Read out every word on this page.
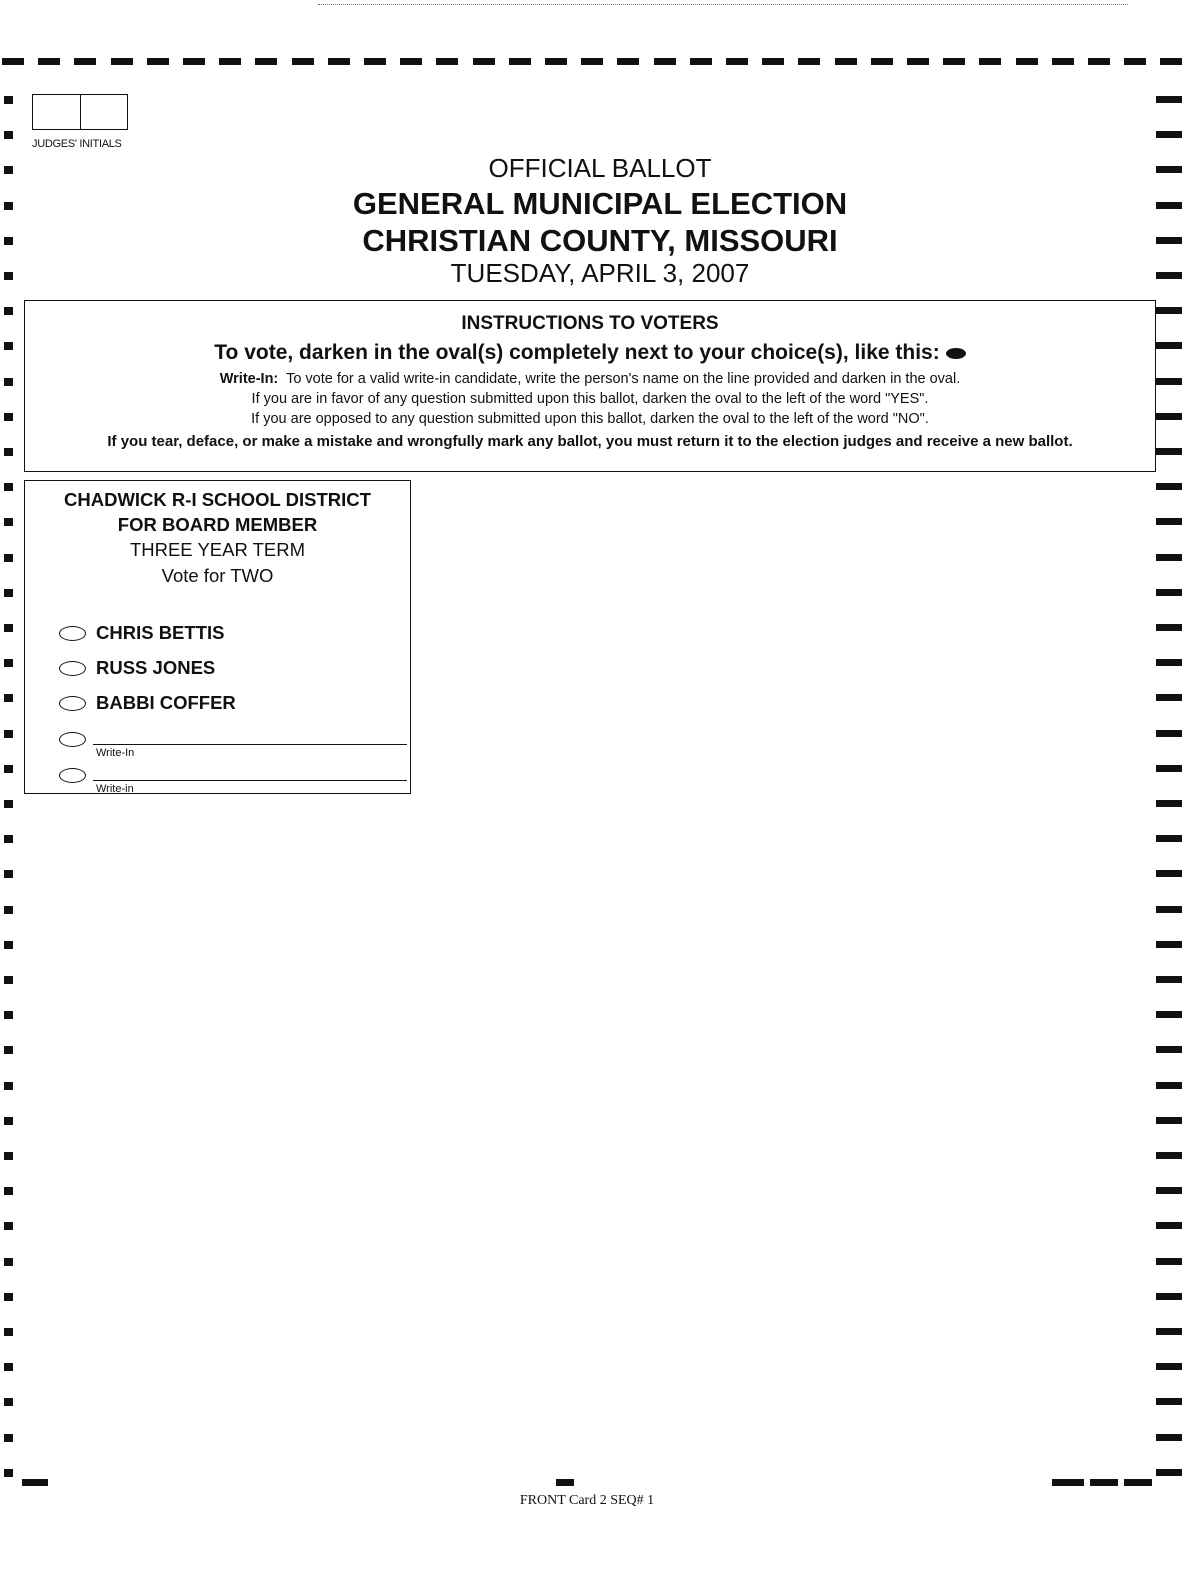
JUDGES' INITIALS
OFFICIAL BALLOT
GENERAL MUNICIPAL ELECTION
CHRISTIAN COUNTY, MISSOURI
TUESDAY, APRIL 3, 2007
INSTRUCTIONS TO VOTERS
To vote, darken in the oval(s) completely next to your choice(s), like this:
Write-In: To vote for a valid write-in candidate, write the person's name on the line provided and darken in the oval.
If you are in favor of any question submitted upon this ballot, darken the oval to the left of the word "YES".
If you are opposed to any question submitted upon this ballot, darken the oval to the left of the word "NO".
If you tear, deface, or make a mistake and wrongfully mark any ballot, you must return it to the election judges and receive a new ballot.
CHADWICK R-I SCHOOL DISTRICT
FOR BOARD MEMBER
THREE YEAR TERM
Vote for TWO
CHRIS BETTIS
RUSS JONES
BABBI COFFER
Write-In
Write-in
FRONT Card 2 SEQ# 1
